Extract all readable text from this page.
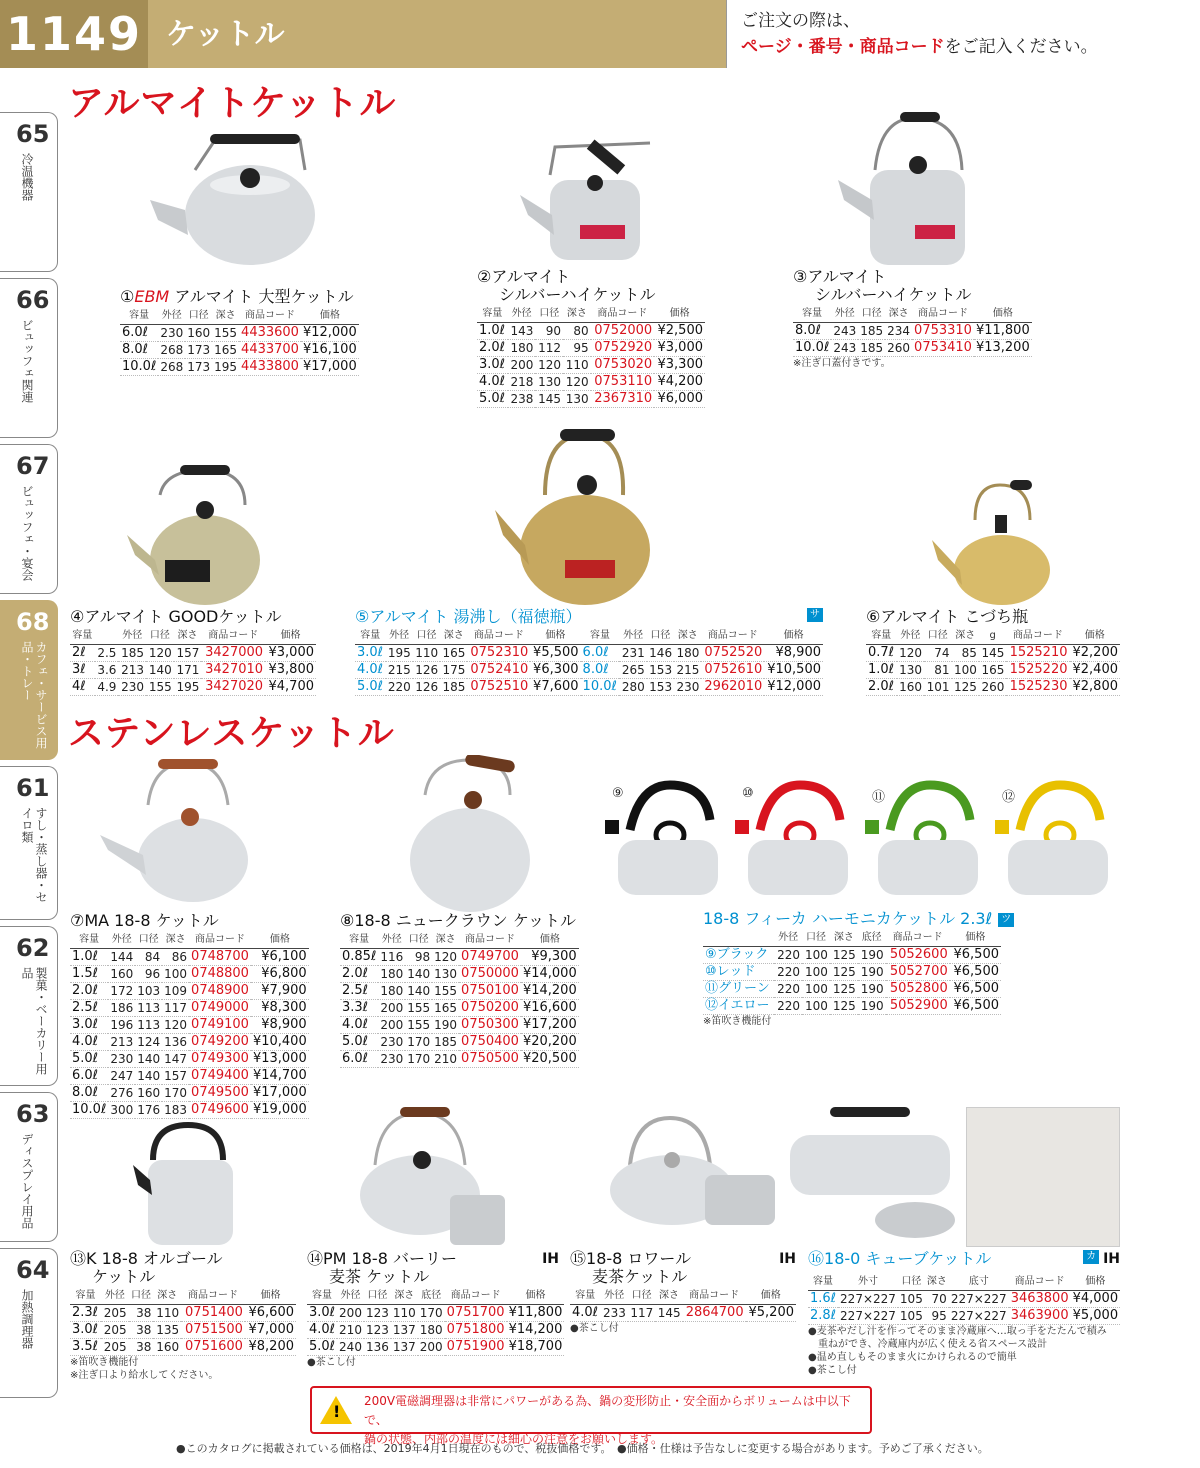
1149 ケットル	ご注文の際は、
ページ・番号・商品コードをご記入ください。
65
冷温機器
66
ビュッフェ関連
67
ビュッフェ・宴会
68
カフェ・サービス用品・トレー
61
すし・蒸し器・セイロ類
62
製菓・ベーカリー用品
63
ディスプレイ用品
64
加熱調理器
アルマイトケットル
ステンレスケットル
⑨	⑩	⑪	⑫
①EBM アルマイト 大型ケットル
容量	外径	口径	深さ	商品コード	価格
6.0ℓ	230	160	155	4433600	¥12,000
8.0ℓ	268	173	165	4433700	¥16,100
10.0ℓ	268	173	195	4433800	¥17,000
②アルマイト
シルバーハイケットル
容量	外径	口径	深さ	商品コード	価格
1.0ℓ	143	90	80	0752000	¥2,500
2.0ℓ	180	112	95	0752920	¥3,000
3.0ℓ	200	120	110	0753020	¥3,300
4.0ℓ	218	130	120	0753110	¥4,200
5.0ℓ	238	145	130	2367310	¥6,000
③アルマイト
シルバーハイケットル
容量	外径	口径	深さ	商品コード	価格
8.0ℓ	243	185	234	0753310	¥11,800
10.0ℓ	243	185	260	0753410	¥13,200
※注ぎ口蓋付きです。
④アルマイト GOODケットル
容量		外径	口径	深さ	商品コード	価格
2ℓ	2.5	185	120	157	3427000	¥3,000
3ℓ	3.6	213	140	171	3427010	¥3,800
4ℓ	4.9	230	155	195	3427020	¥4,700
⑤アルマイト 湯沸し（福徳瓶）	サ
容量	外径	口径	深さ	商品コード	価格	容量	外径	口径	深さ	商品コード	価格
3.0ℓ	195	110	165	0752310	¥5,500	6.0ℓ	231	146	180	0752520	¥8,900
4.0ℓ	215	126	175	0752410	¥6,300	8.0ℓ	265	153	215	0752610	¥10,500
5.0ℓ	220	126	185	0752510	¥7,600	10.0ℓ	280	153	230	2962010	¥12,000
⑥アルマイト こづち瓶
容量	外径	口径	深さ	g	商品コード	価格
0.7ℓ	120	74	85	145	1525210	¥2,200
1.0ℓ	130	81	100	165	1525220	¥2,400
2.0ℓ	160	101	125	260	1525230	¥2,800
⑦MA 18-8 ケットル
容量	外径	口径	深さ	商品コード	価格
1.0ℓ	144	84	86	0748700	¥6,100
1.5ℓ	160	96	100	0748800	¥6,800
2.0ℓ	172	103	109	0748900	¥7,900
2.5ℓ	186	113	117	0749000	¥8,300
3.0ℓ	196	113	120	0749100	¥8,900
4.0ℓ	213	124	136	0749200	¥10,400
5.0ℓ	230	140	147	0749300	¥13,000
6.0ℓ	247	140	157	0749400	¥14,700
8.0ℓ	276	160	170	0749500	¥17,000
10.0ℓ	300	176	183	0749600	¥19,000
⑧18-8 ニュークラウン ケットル
容量	外径	口径	深さ	商品コード	価格
0.85ℓ	116	98	120	0749700	¥9,300
2.0ℓ	180	140	130	0750000	¥14,000
2.5ℓ	180	140	155	0750100	¥14,200
3.3ℓ	200	155	165	0750200	¥16,600
4.0ℓ	200	155	190	0750300	¥17,200
5.0ℓ	230	170	185	0750400	¥20,200
6.0ℓ	230	170	210	0750500	¥20,500
18-8 フィーカ ハーモニカケットル 2.3ℓ ツ
	外径	口径	深さ	底径	商品コード	価格
⑨ブラック	220	100	125	190	5052600	¥6,500
⑩レッド	220	100	125	190	5052700	¥6,500
⑪グリーン	220	100	125	190	5052800	¥6,500
⑫イエロー	220	100	125	190	5052900	¥6,500
※笛吹き機能付
⑬K 18-8 オルゴール
ケットル
容量	外径	口径	深さ	商品コード	価格
2.3ℓ	205	38	110	0751400	¥6,600
3.0ℓ	205	38	135	0751500	¥7,000
3.5ℓ	205	38	160	0751600	¥8,200
※笛吹き機能付
※注ぎ口より給水してください。
⑭PM 18-8 バーリー	IH
麦茶 ケットル
容量	外径	口径	深さ	底径	商品コード	価格
3.0ℓ	200	123	110	170	0751700	¥11,800
4.0ℓ	210	123	137	180	0751800	¥14,200
5.0ℓ	240	136	137	200	0751900	¥18,700
●茶こし付
⑮18-8 ロワール	IH
麦茶ケットル
容量	外径	口径	深さ	商品コード	価格
4.0ℓ	233	117	145	2864700	¥5,200
●茶こし付
⑯18-0 キューブケットル	IH
カ
容量	外寸	口径	深さ	底寸	商品コード	価格
1.6ℓ	227×227	105	70	227×227	3463800	¥4,000
2.8ℓ	227×227	105	95	227×227	3463900	¥5,000
●麦茶やだし汁を作ってそのまま冷蔵庫へ…取っ手をたたんで積み
重ねができ、冷蔵庫内が広く使える省スペース設計
●温め直しもそのまま火にかけられるので簡単
●茶こし付
!
200V電磁調理器は非常にパワーがある為、鍋の変形防止・安全面からボリュームは中以下で、
鍋の状態、内部の温度には細心の注意をお願いします。
●このカタログに掲載されている価格は、2019年4月1日現在のもので、税抜価格です。　 ●価格・仕様は予告なしに変更する場合があります。予めご了承ください。
